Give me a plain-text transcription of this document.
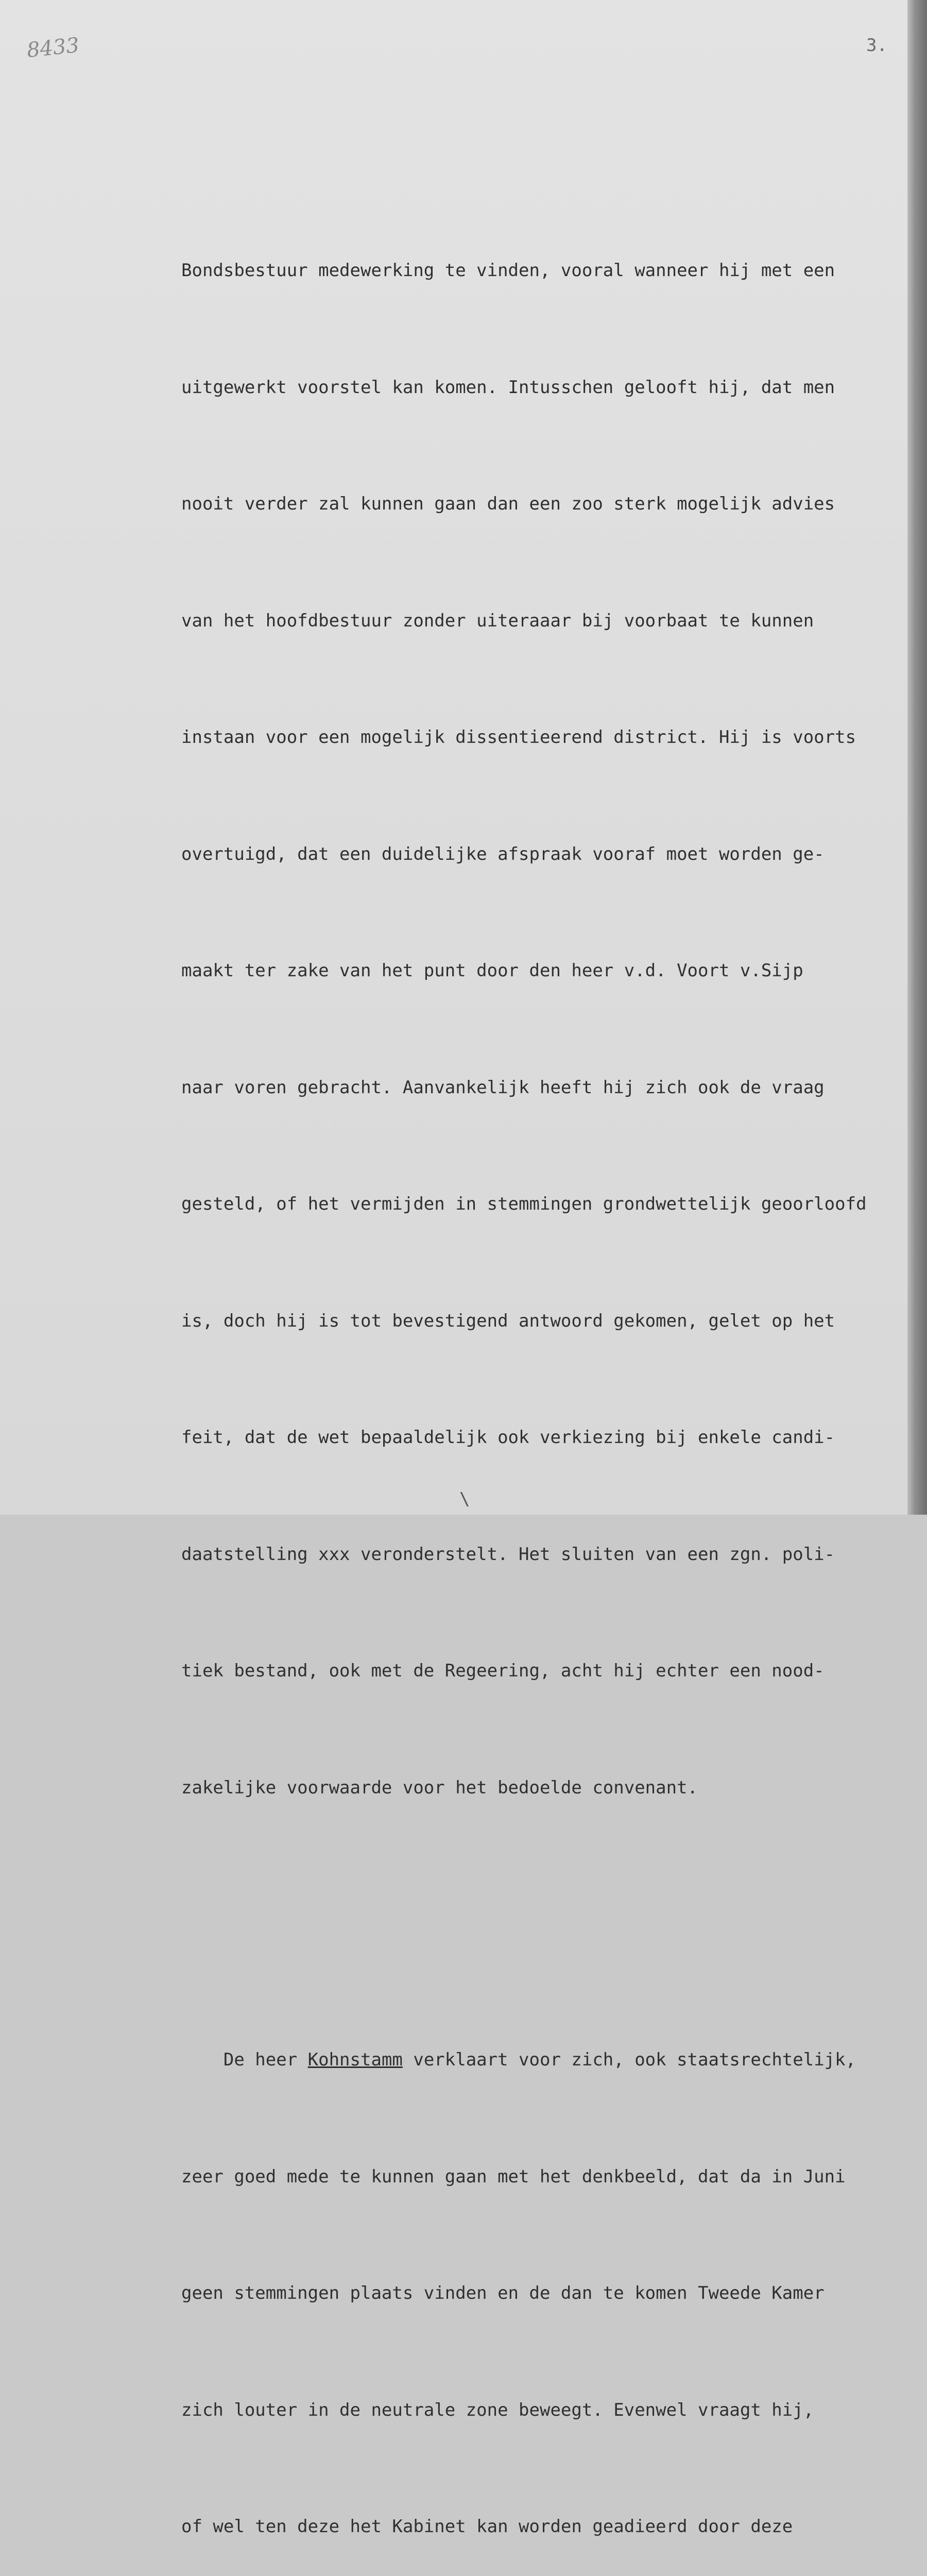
8433	3.

Bondsbestuur medewerking te vinden, vooral wanneer hij met een

uitgewerkt voorstel kan komen. Intusschen gelooft hij, dat men

nooit verder zal kunnen gaan dan een zoo sterk mogelijk advies

van het hoofdbestuur zonder uiteraaar bij voorbaat te kunnen

instaan voor een mogelijk dissentieerend district. Hij is voorts

overtuigd, dat een duidelijke afspraak vooraf moet worden ge-

maakt ter zake van het punt door den heer v.d. Voort v.Sijp

naar voren gebracht. Aanvankelijk heeft hij zich ook de vraag

gesteld, of het vermijden in stemmingen grondwettelijk geoorloofd

is, doch hij is tot bevestigend antwoord gekomen, gelet op het

feit, dat de wet bepaaldelijk ook verkiezing bij enkele candi-

daatstelling xxx veronderstelt. Het sluiten van een zgn. poli-

tiek bestand, ook met de Regeering, acht hij echter een nood-

zakelijke voorwaarde voor het bedoelde convenant.

De heer Kohnstamm verklaart voor zich, ook staatsrechtelijk,

zeer goed mede te kunnen gaan met het denkbeeld, dat da in Juni

geen stemmingen plaats vinden en de dan te komen Tweede Kamer

zich louter in de neutrale zone beweegt. Evenwel vraagt hij,

of wel ten deze het Kabinet kan worden geadieerd door deze

\
